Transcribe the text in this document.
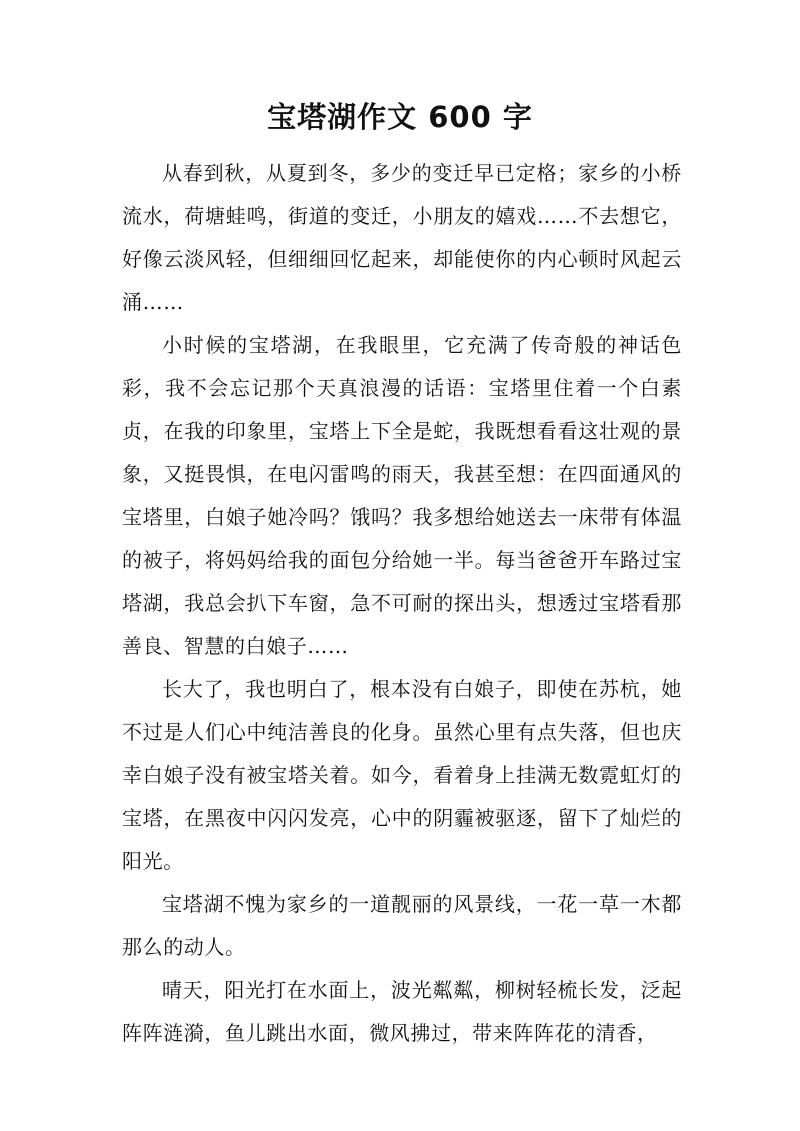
宝塔湖作文 600 字

从春到秋，从夏到冬，多少的变迁早已定格；家乡的小桥流水，荷塘蛙鸣，街道的变迁，小朋友的嬉戏……不去想它，好像云淡风轻，但细细回忆起来，却能使你的内心顿时风起云涌……

小时候的宝塔湖，在我眼里，它充满了传奇般的神话色彩，我不会忘记那个天真浪漫的话语：宝塔里住着一个白素贞，在我的印象里，宝塔上下全是蛇，我既想看看这壮观的景象，又挺畏惧，在电闪雷鸣的雨天，我甚至想：在四面通风的宝塔里，白娘子她冷吗？饿吗？我多想给她送去一床带有体温的被子，将妈妈给我的面包分给她一半。每当爸爸开车路过宝塔湖，我总会扒下车窗，急不可耐的探出头，想透过宝塔看那善良、智慧的白娘子……

长大了，我也明白了，根本没有白娘子，即使在苏杭，她不过是人们心中纯洁善良的化身。虽然心里有点失落，但也庆幸白娘子没有被宝塔关着。如今，看着身上挂满无数霓虹灯的宝塔，在黑夜中闪闪发亮，心中的阴霾被驱逐，留下了灿烂的阳光。

宝塔湖不愧为家乡的一道靓丽的风景线，一花一草一木都那么的动人。

晴天，阳光打在水面上，波光粼粼，柳树轻梳长发，泛起阵阵涟漪，鱼儿跳出水面，微风拂过，带来阵阵花的清香，
